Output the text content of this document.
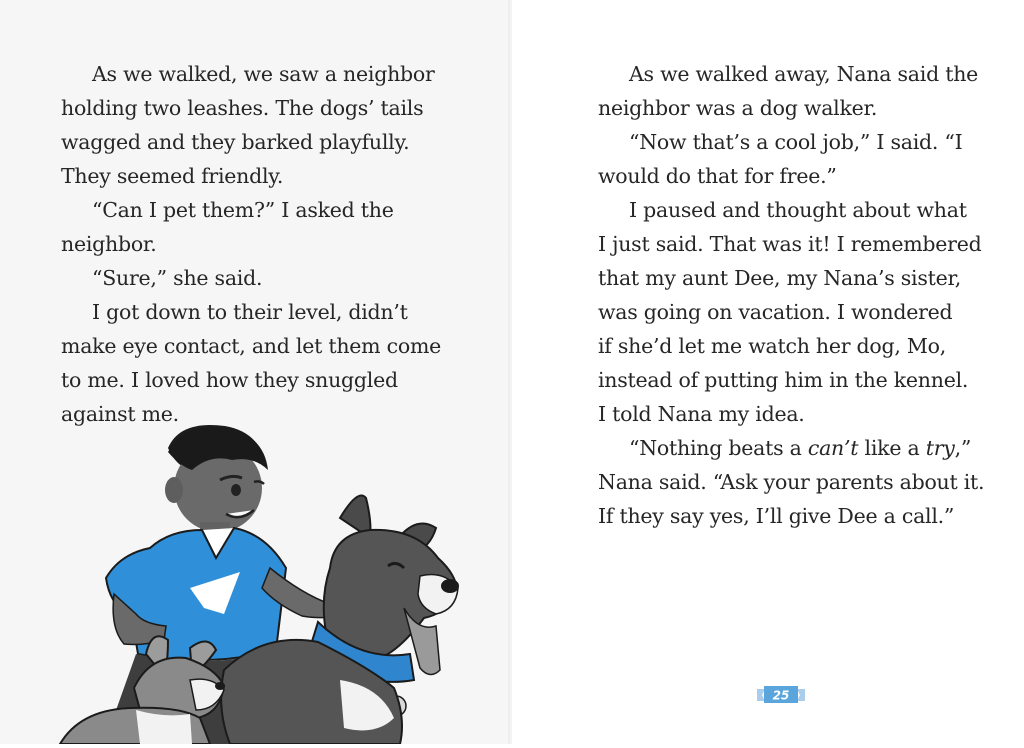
As we walked, we saw a neighbor
holding two leashes. The dogs’ tails
wagged and they barked playfully.
They seemed friendly.

“Can I pet them?” I asked the
neighbor.

“Sure,” she said.

I got down to their level, didn’t
make eye contact, and let them come
to me. I loved how they snuggled
against me.

As we walked away, Nana said the
neighbor was a dog walker.

“Now that’s a cool job,” I said. “I
would do that for free.”

I paused and thought about what
I just said. That was it! I remembered
that my aunt Dee, my Nana’s sister,
was going on vacation. I wondered
if she’d let me watch her dog, Mo,
instead of putting him in the kennel.
I told Nana my idea.

“Nothing beats a can’t like a try,”
Nana said. “Ask your parents about it.
If they say yes, I’ll give Dee a call.”

25
